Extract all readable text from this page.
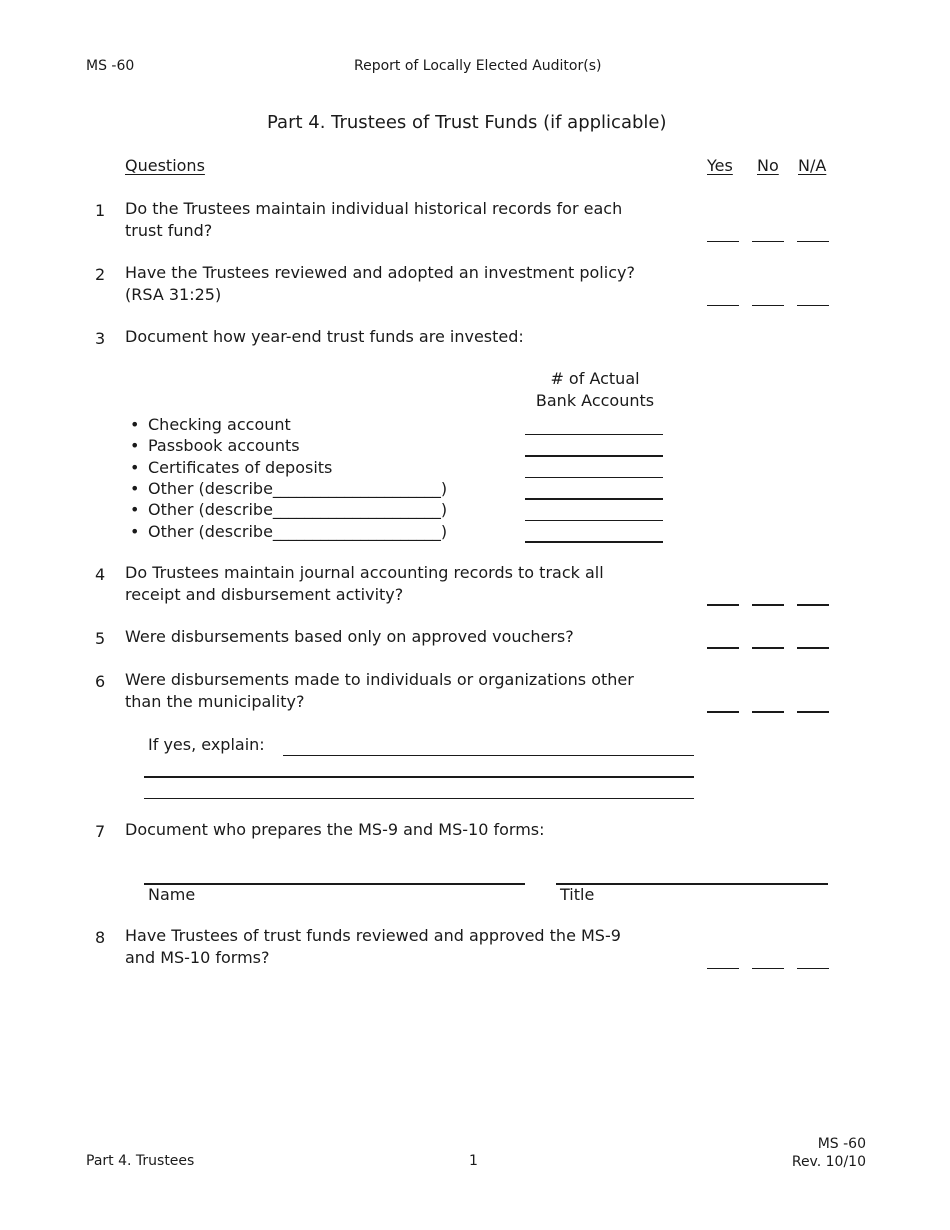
MS -60	Report of Locally Elected Auditor(s)
Part 4. Trustees of Trust Funds (if applicable)
Questions	Yes No N/A
1 Do the Trustees maintain individual historical records for each
trust fund?
2 Have the Trustees reviewed and adopted an investment policy?
(RSA 31:25)
3 Document how year-end trust funds are invested:
# of Actual
Bank Accounts
• Checking account
• Passbook accounts
• Certificates of deposits
• Other (describe_____________________)
• Other (describe_____________________)
• Other (describe_____________________)
4 Do Trustees maintain journal accounting records to track all
receipt and disbursement activity?
5 Were disbursements based only on approved vouchers?
6 Were disbursements made to individuals or organizations other
than the municipality?
If yes, explain:
7 Document who prepares the MS-9 and MS-10 forms:
Name	Title
8 Have Trustees of trust funds reviewed and approved the MS-9
and MS-10 forms?
Part 4. Trustees	1
MS -60
Rev. 10/10
